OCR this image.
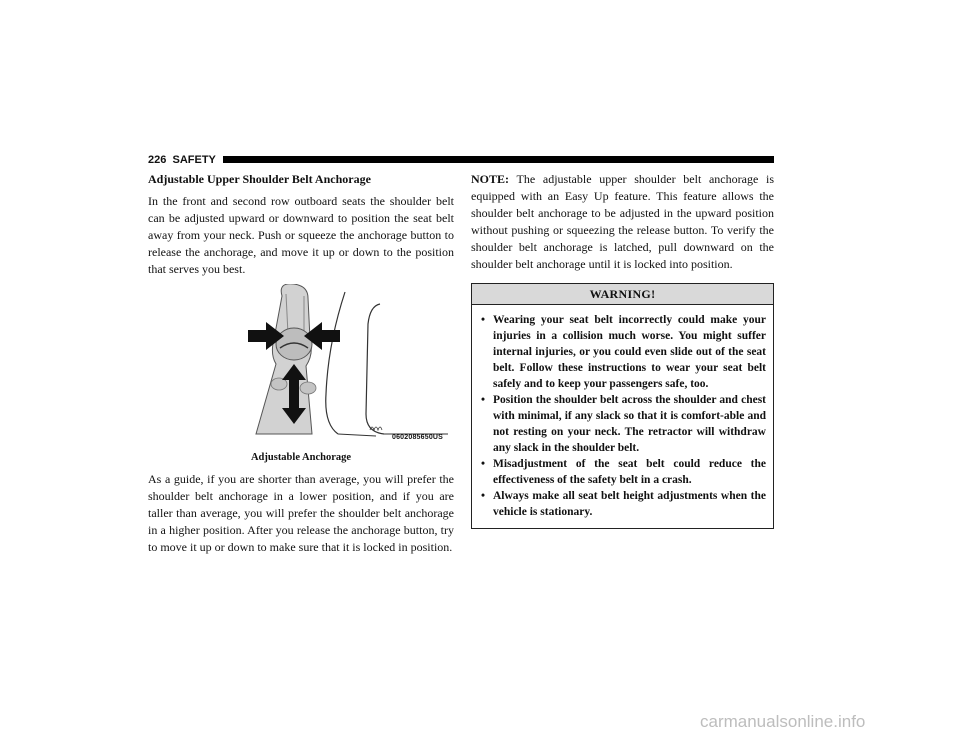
226 SAFETY
Adjustable Upper Shoulder Belt Anchorage

In the front and second row outboard seats the shoulder belt can be adjusted upward or downward to position the seat belt away from your neck. Push or squeeze the anchorage button to release the anchorage, and move it up or down to the position that serves you best.

0602085650US
Adjustable Anchorage

As a guide, if you are shorter than average, you will prefer the shoulder belt anchorage in a lower position, and if you are taller than average, you will prefer the shoulder belt anchorage in a higher position. After you release the anchorage button, try to move it up or down to make sure that it is locked in position.

NOTE: The adjustable upper shoulder belt anchorage is equipped with an Easy Up feature. This feature allows the shoulder belt anchorage to be adjusted in the upward position without pushing or squeezing the release button. To verify the shoulder belt anchorage is latched, pull downward on the shoulder belt anchorage until it is locked into position.

WARNING!
• Wearing your seat belt incorrectly could make your injuries in a collision much worse. You might suffer internal injuries, or you could even slide out of the seat belt. Follow these instructions to wear your seat belt safely and to keep your passengers safe, too.
• Position the shoulder belt across the shoulder and chest with minimal, if any slack so that it is comfort-able and not resting on your neck. The retractor will withdraw any slack in the shoulder belt.
• Misadjustment of the seat belt could reduce the effectiveness of the safety belt in a crash.
• Always make all seat belt height adjustments when the vehicle is stationary.
carmanualsonline.info
